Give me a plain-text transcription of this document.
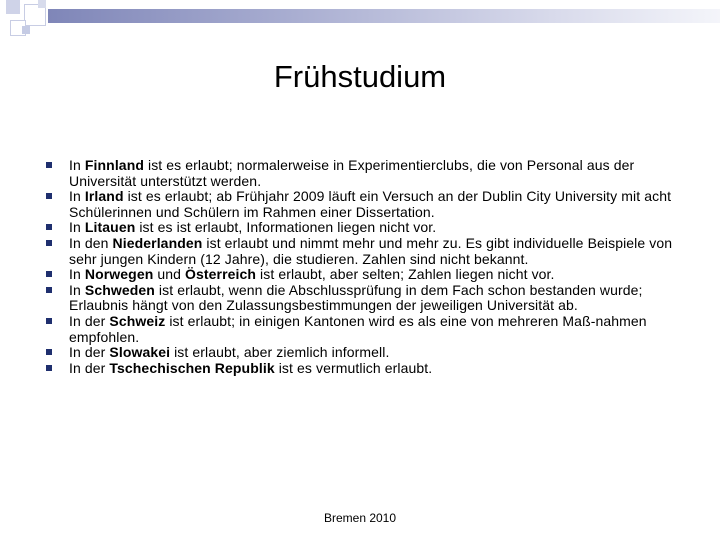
Frühstudium
In Finnland ist es erlaubt; normalerweise in Experimentierclubs, die von Personal aus der Universität unterstützt werden.
In Irland ist es erlaubt; ab Frühjahr 2009 läuft ein Versuch an der Dublin City University mit acht Schülerinnen und Schülern im Rahmen einer Dissertation.
In Litauen ist es ist erlaubt, Informationen liegen nicht vor.
In den Niederlanden ist erlaubt und nimmt mehr und mehr zu. Es gibt individuelle Beispiele von sehr jungen Kindern (12 Jahre), die studieren. Zahlen sind nicht bekannt.
In Norwegen und Österreich ist erlaubt, aber selten; Zahlen liegen nicht vor.
In Schweden ist erlaubt, wenn die Abschlussprüfung in dem Fach schon bestanden wurde; Erlaubnis hängt von den Zulassungsbestimmungen der jeweiligen Universität ab.
In der Schweiz ist erlaubt; in einigen Kantonen wird es als eine von mehreren Maß-nahmen empfohlen.
In der Slowakei ist erlaubt, aber ziemlich informell.
In der Tschechischen Republik ist es vermutlich erlaubt.
Bremen 2010
